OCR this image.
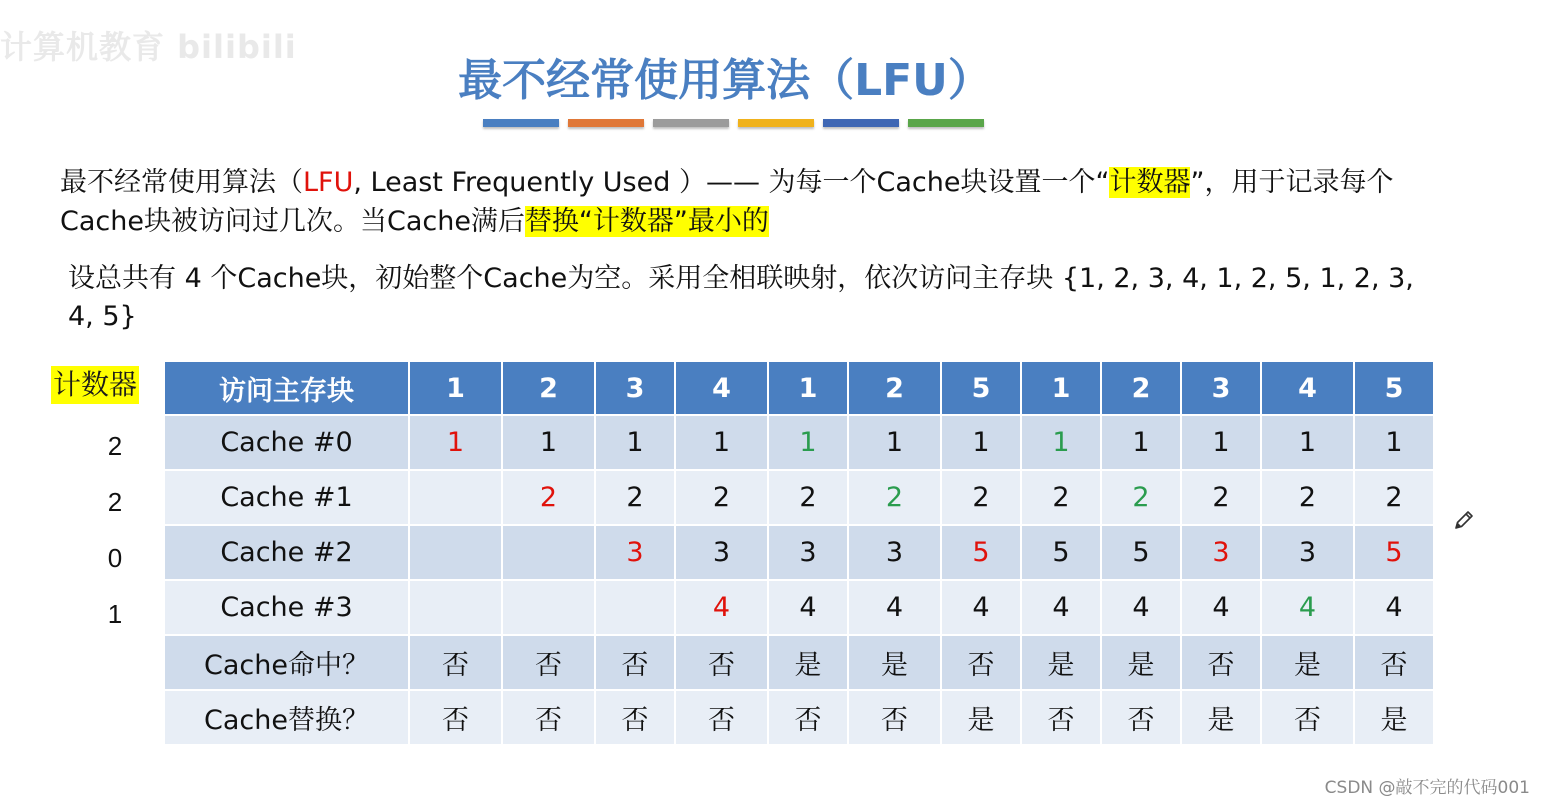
计算机教育 bilibili
最不经常使用算法（LFU）
最不经常使用算法（LFU, Least Frequently Used ）—— 为每一个Cache块设置一个“计数器”，用于记录每个Cache块被访问过几次。当Cache满后替换“计数器”最小的
设总共有 4 个Cache块，初始整个Cache为空。采用全相联映射，依次访问主存块 {1, 2, 3, 4, 1, 2, 5, 1, 2, 3, 4, 5}
计数器
2
2
0
1
访问主存块	1	2	3	4	1	2	5	1	2	3	4	5
Cache #0	1	1	1	1	1	1	1	1	1	1	1	1
Cache #1		2	2	2	2	2	2	2	2	2	2	2
Cache #2			3	3	3	3	5	5	5	3	3	5
Cache #3				4	4	4	4	4	4	4	4	4
Cache命中？	否	否	否	否	是	是	否	是	是	否	是	否
Cache替换？	否	否	否	否	否	否	是	否	否	是	否	是
CSDN @敲不完的代码001
